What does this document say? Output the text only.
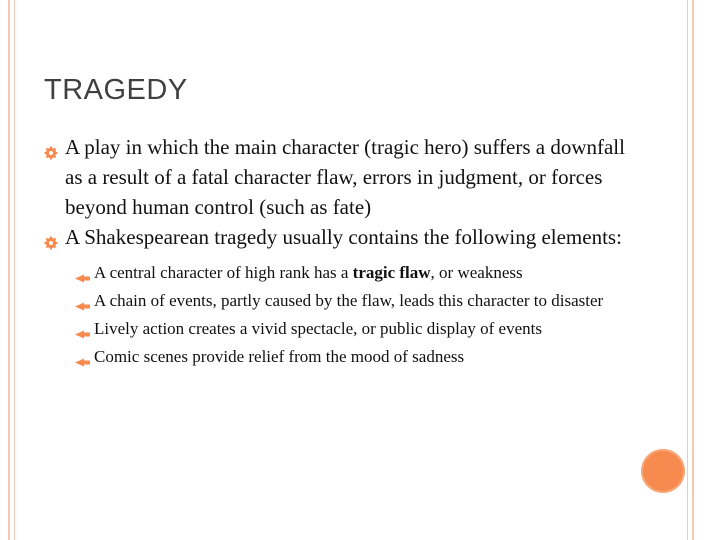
TRAGEDY
A play in which the main character (tragic hero) suffers a downfall as a result of a fatal character flaw, errors in judgment, or forces beyond human control (such as fate)
A Shakespearean tragedy usually contains the following elements:
A central character of high rank has a tragic flaw, or weakness
A chain of events, partly caused by the flaw, leads this character to disaster
Lively action creates a vivid spectacle, or public display of events
Comic scenes provide relief from the mood of sadness
